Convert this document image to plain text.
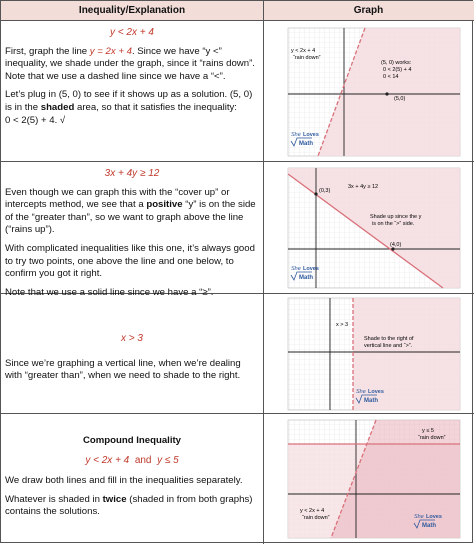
Inequality/Explanation	Graph

y < 2x + 4

First, graph the line y = 2x + 4. Since we have “y <” inequality, we shade under the graph, since it “rains down”. Note that we use a dashed line since we have a “<”.

Let’s plug in (5, 0) to see if it shows up as a solution. (5, 0) is in the shaded area, so that it satisfies the inequality:
0 < 2(5) + 4. √

y < 2x + 4
“rain down”
(5, 0) works:
0 < 2(5) + 4
0 < 14
(5,0)
She Loves
Math

3x + 4y ≥ 12

Even though we can graph this with the “cover up” or intercepts method, we see that a positive “y” is on the side of the “greater than”, so we want to graph above the line (“rains up”).

With complicated inequalities like this one, it’s always good to try two points, one above the line and one below, to confirm you got it right.

Note that we use a solid line since we have a “≥”.

3x + 4y ≥ 12
(0,3)
Shade up since the y
is on the “>” side.
(4,0)
She Loves
Math

x > 3

Since we’re graphing a vertical line, when we’re dealing with “greater than”, when we need to shade to the right.

x > 3
Shade to the right of
vertical line and “>”.
She Loves
Math

Compound Inequality

y < 2x + 4 and y ≤ 5

We draw both lines and fill in the inequalities separately.

Whatever is shaded in twice (shaded in from both graphs) contains the solutions.

y ≤ 5
“rain down”
y < 2x + 4
“rain down”	She Loves
Math
